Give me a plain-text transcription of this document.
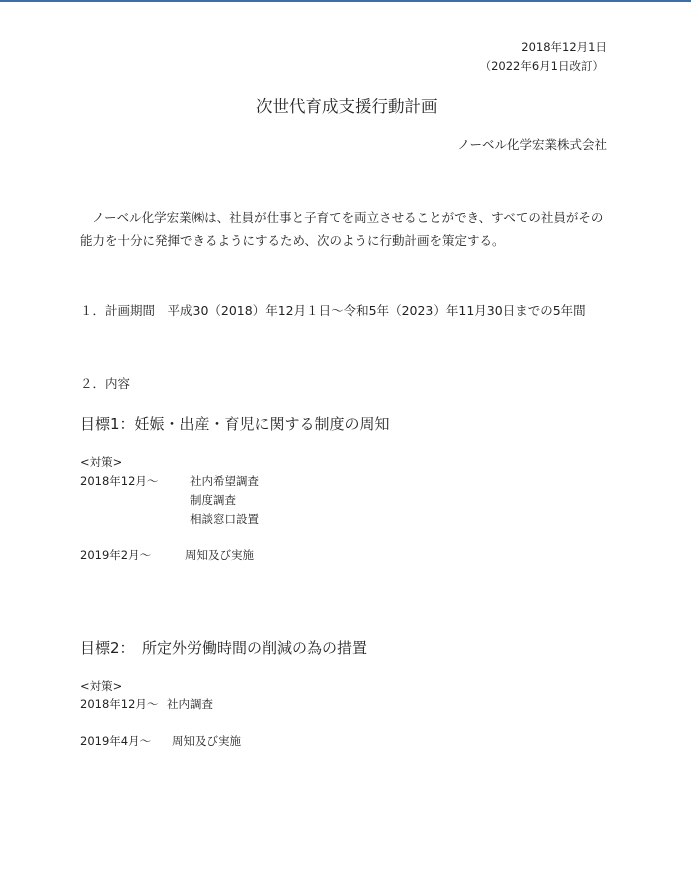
2018年12月1日
（2022年6月1日改訂）
次世代育成支援行動計画
ノーベル化学宏業株式会社
ノーベル化学宏業㈱は、社員が仕事と子育てを両立させることができ、すべての社員がその
能力を十分に発揮できるようにするため、次のように行動計画を策定する。
１．計画期間　平成30（2018）年12月１日～令和5年（2023）年11月30日までの5年間
２．内容
目標1：妊娠・出産・育児に関する制度の周知
<対策>
2018年12月～	社内希望調査
制度調査
相談窓口設置
2019年2月～	周知及び実施
目標2：　所定外労働時間の削減の為の措置
<対策>
2018年12月～ 社内調査
2019年4月～ 周知及び実施
